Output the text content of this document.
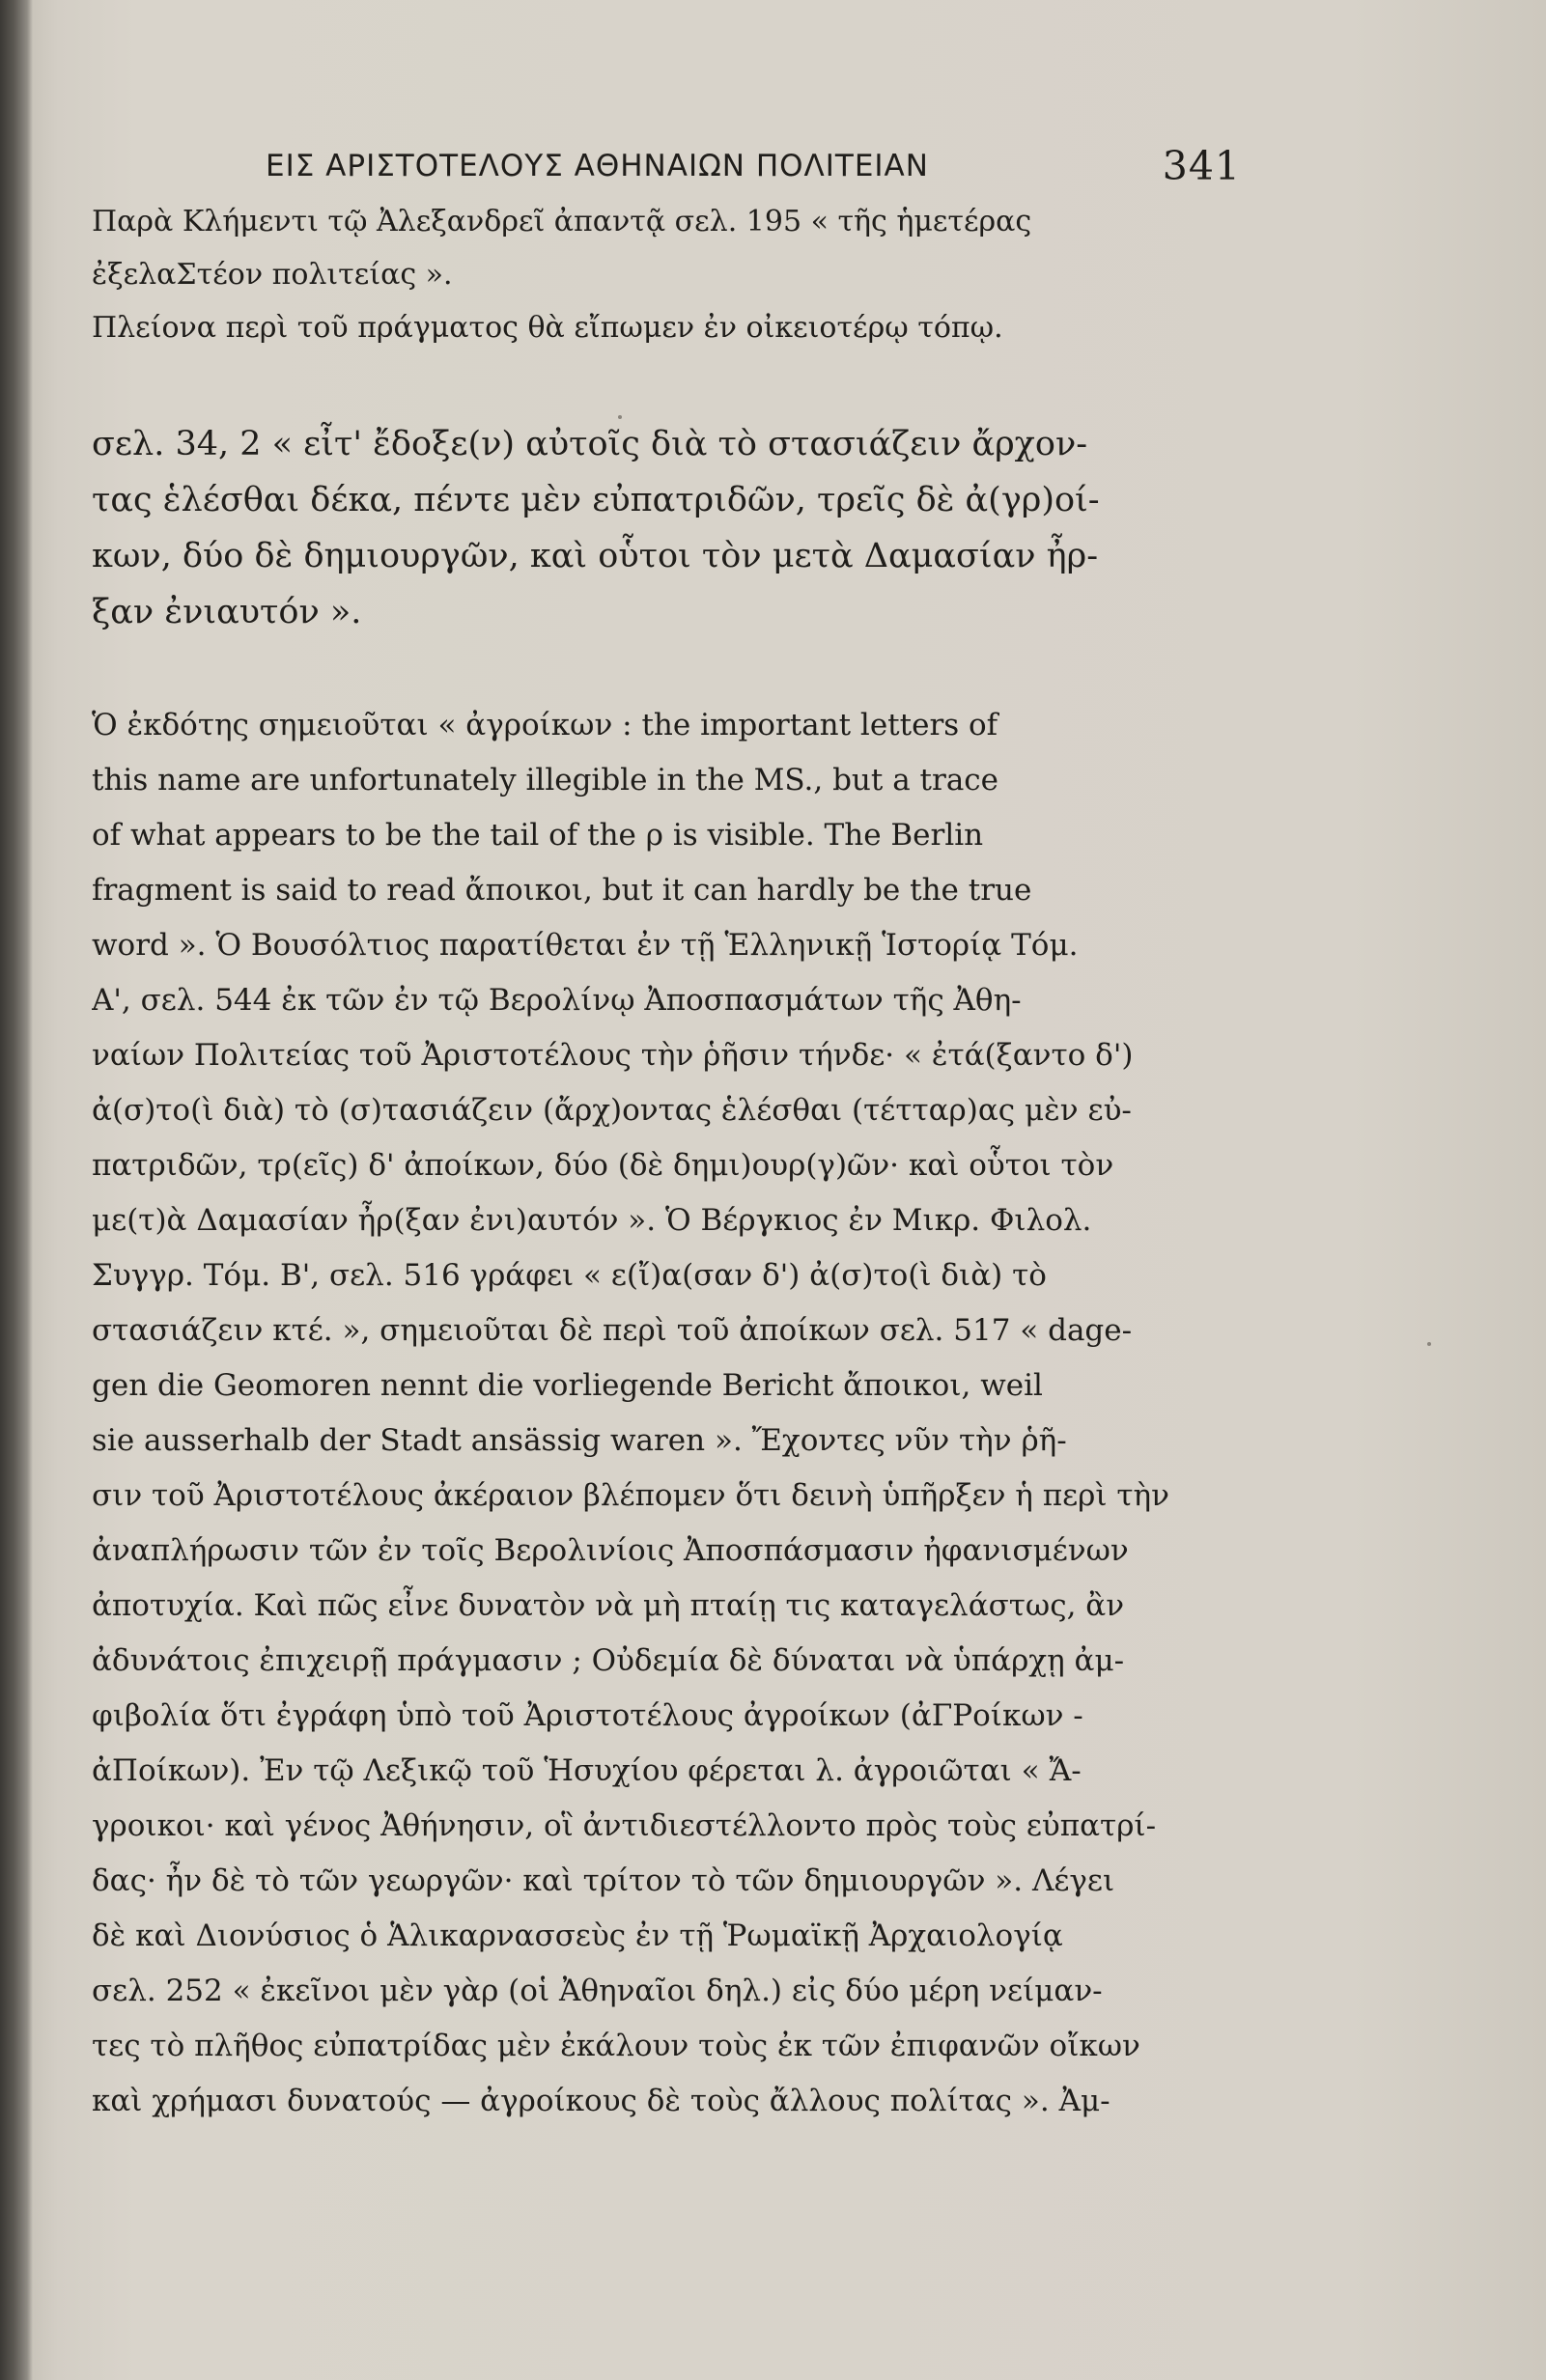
ΕΙΣ ΑΡΙΣΤΟΤΕΛΟΥΣ ΑΘΗΝΑΙΩΝ ΠΟΛΙΤΕΙΑΝ	341

Παρὰ Κλήμεντι τῷ Ἀλεξανδρεῖ ἀπαντᾷ σελ. 195 « τῆς ἡμετέρας
ἐξελαΣτέον πολιτείας ».

Πλείονα περὶ τοῦ πράγματος θὰ εἴπωμεν ἐν οἰκειοτέρῳ τόπῳ.

σελ. 34, 2 « εἶτ' ἔδοξε(ν) αὐτοῖς διὰ τὸ στασιάζειν ἄρχον-
τας ἑλέσθαι δέκα, πέντε μὲν εὐπατριδῶν, τρεῖς δὲ ἀ(γρ)οί-
κων, δύο δὲ δημιουργῶν, καὶ οὗτοι τὸν μετὰ Δαμασίαν ἦρ-
ξαν ἐνιαυτόν ».

Ὁ ἐκδότης σημειοῦται « ἀγροίκων : the important letters of
this name are unfortunately illegible in the MS., but a trace
of what appears to be the tail of the ρ is visible. The Berlin
fragment is said to read ἄποικοι, but it can hardly be the true
word ». Ὁ Βουσόλτιος παρατίθεται ἐν τῇ Ἑλληνικῇ Ἱστορίᾳ Τόμ.
Α', σελ. 544 ἐκ τῶν ἐν τῷ Βερολίνῳ Ἀποσπασμάτων τῆς Ἀθη-
ναίων Πολιτείας τοῦ Ἀριστοτέλους τὴν ῥῆσιν τήνδε· « ἐτά(ξαντο δ')
ἀ(σ)το(ὶ διὰ) τὸ (σ)τασιάζειν (ἄρχ)οντας ἑλέσθαι (τέτταρ)ας μὲν εὐ-
πατριδῶν, τρ(εῖς) δ' ἀποίκων, δύο (δὲ δημι)ουρ(γ)ῶν· καὶ οὗτοι τὸν
με(τ)ὰ Δαμασίαν ἦρ(ξαν ἐνι)αυτόν ». Ὁ Βέργκιος ἐν Μικρ. Φιλολ.
Συγγρ. Τόμ. Β', σελ. 516 γράφει « ε(ἴ)α(σαν δ') ἀ(σ)το(ὶ διὰ) τὸ
στασιάζειν κτέ. », σημειοῦται δὲ περὶ τοῦ ἀποίκων σελ. 517 « dage-
gen die Geomoren nennt die vorliegende Bericht ἄποικοι, weil
sie ausserhalb der Stadt ansässig waren ». Ἔχοντες νῦν τὴν ῥῆ-
σιν τοῦ Ἀριστοτέλους ἀκέραιον βλέπομεν ὅτι δεινὴ ὑπῆρξεν ἡ περὶ τὴν
ἀναπλήρωσιν τῶν ἐν τοῖς Βερολινίοις Ἀποσπάσμασιν ἠφανισμένων
ἀποτυχία. Καὶ πῶς εἶνε δυνατὸν νὰ μὴ πταίῃ τις καταγελάστως, ἂν
ἀδυνάτοις ἐπιχειρῇ πράγμασιν ; Οὐδεμία δὲ δύναται νὰ ὑπάρχῃ ἀμ-
φιβολία ὅτι ἐγράφη ὑπὸ τοῦ Ἀριστοτέλους ἀγροίκων (ἀΓΡοίκων -
ἀΠοίκων). Ἐν τῷ Λεξικῷ τοῦ Ἡσυχίου φέρεται λ. ἀγροιῶται « Ἄ-
γροικοι· καὶ γένος Ἀθήνησιν, οἳ ἀντιδιεστέλλοντο πρὸς τοὺς εὐπατρί-
δας· ἦν δὲ τὸ τῶν γεωργῶν· καὶ τρίτον τὸ τῶν δημιουργῶν ». Λέγει
δὲ καὶ Διονύσιος ὁ Ἁλικαρνασσεὺς ἐν τῇ Ῥωμαϊκῇ Ἀρχαιολογίᾳ
σελ. 252 « ἐκεῖνοι μὲν γὰρ (οἱ Ἀθηναῖοι δηλ.) εἰς δύο μέρη νείμαν-
τες τὸ πλῆθος εὐπατρίδας μὲν ἐκάλουν τοὺς ἐκ τῶν ἐπιφανῶν οἴκων
καὶ χρήμασι δυνατούς — ἀγροίκους δὲ τοὺς ἄλλους πολίτας ». Ἀμ-
